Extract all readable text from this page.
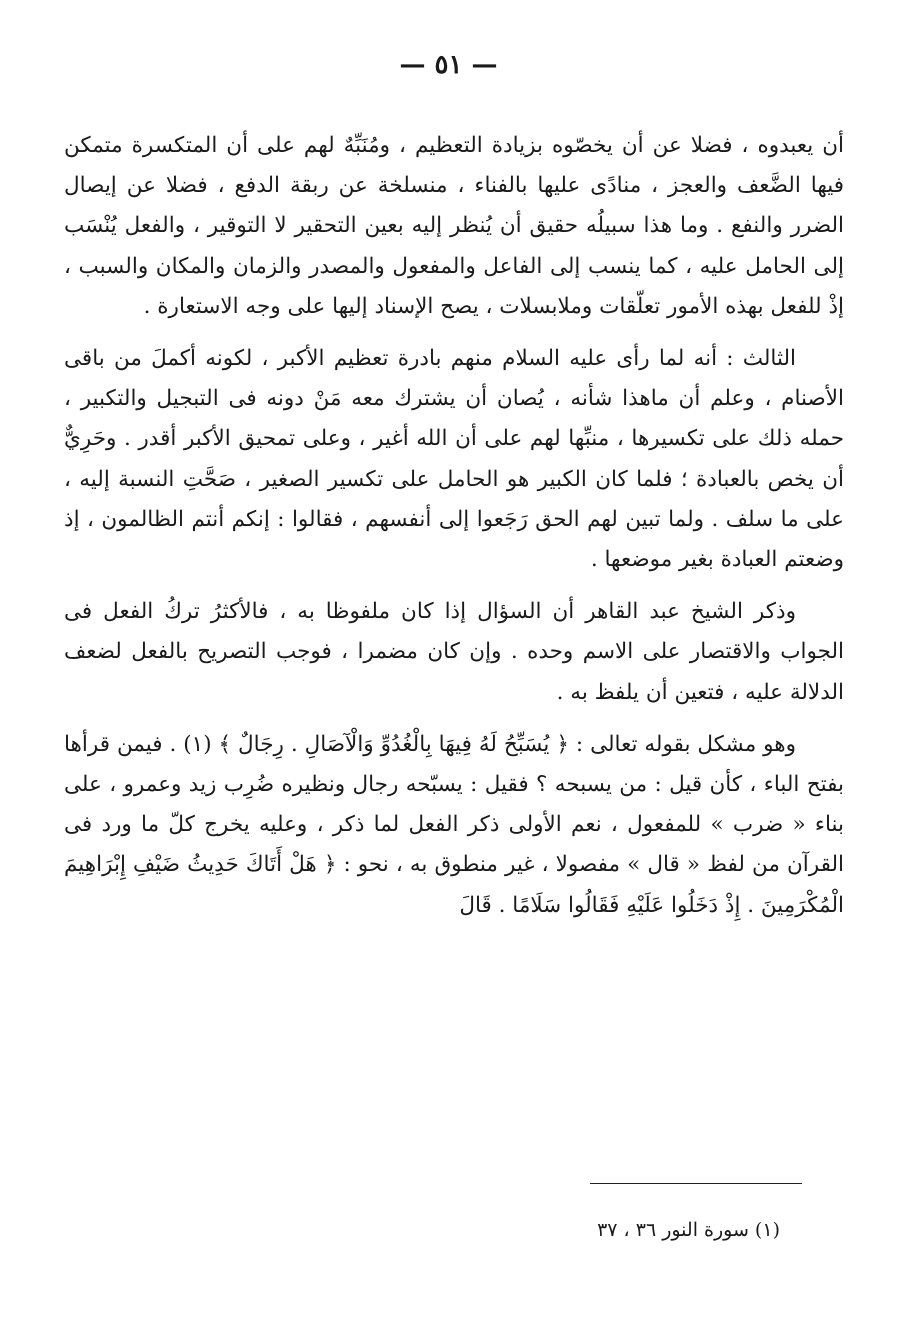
— ٥١ —

أن يعبدوه ، فضلا عن أن يخصّوه بزيادة التعظيم ، ومُنَبِّهٌ لهم على أن المتكسرة متمكن فيها الضَّعف والعجز ، منادًى عليها بالفناء ، منسلخة عن ربقة الدفع ، فضلا عن إيصال الضرر والنفع . وما هذا سبيلُه حقيق أن يُنظر إليه بعين التحقير لا التوقير ، والفعل يُنْسَب إلى الحامل عليه ، كما ينسب إلى الفاعل والمفعول والمصدر والزمان والمكان والسبب ، إذْ للفعل بهذه الأمور تعلّقات وملابسلات ، يصح الإسناد إليها على وجه الاستعارة .

الثالث : أنه لما رأى عليه السلام منهم بادرة تعظيم الأكبر ، لكونه أكملَ من باقى الأصنام ، وعلم أن ماهذا شأنه ، يُصان أن يشترك معه مَنْ دونه فى التبجيل والتكبير ، حمله ذلك على تكسيرها ، منبِّها لهم على أن الله أغير ، وعلى تمحيق الأكبر أقدر . وحَرِيٌّ أن يخص بالعبادة ؛ فلما كان الكبير هو الحامل على تكسير الصغير ، صَحَّتِ النسبة إليه ، على ما سلف . ولما تبين لهم الحق رَجَعوا إلى أنفسهم ، فقالوا : إنكم أنتم الظالمون ، إذ وضعتم العبادة بغير موضعها .

وذكر الشيخ عبد القاهر أن السؤال إذا كان ملفوظا به ، فالأكثرُ تركُ الفعل فى الجواب والاقتصار على الاسم وحده . وإن كان مضمرا ، فوجب التصريح بالفعل لضعف الدلالة عليه ، فتعين أن يلفظ به .

وهو مشكل بقوله تعالى : ﴿ يُسَبِّحُ لَهُ فِيهَا بِالْغُدُوِّ وَالْآصَالِ . رِجَالٌ ﴾ (١) . فيمن قرأها بفتح الباء ، كأن قيل : من يسبحه ؟ فقيل : يسبّحه رجال ونظيره ضُرِب زيد وعمرو ، على بناء « ضرب » للمفعول ، نعم الأولى ذكر الفعل لما ذكر ، وعليه يخرج كلّ ما ورد فى القرآن من لفظ « قال » مفصولا ، غير منطوق به ، نحو : ﴿ هَلْ أَتَاكَ حَدِيثُ ضَيْفِ إِبْرَاهِيمَ الْمُكْرَمِينَ . إِذْ دَخَلُوا عَلَيْهِ فَقَالُوا سَلَامًا . قَالَ

(١) سورة النور ٣٦ ، ٣٧
